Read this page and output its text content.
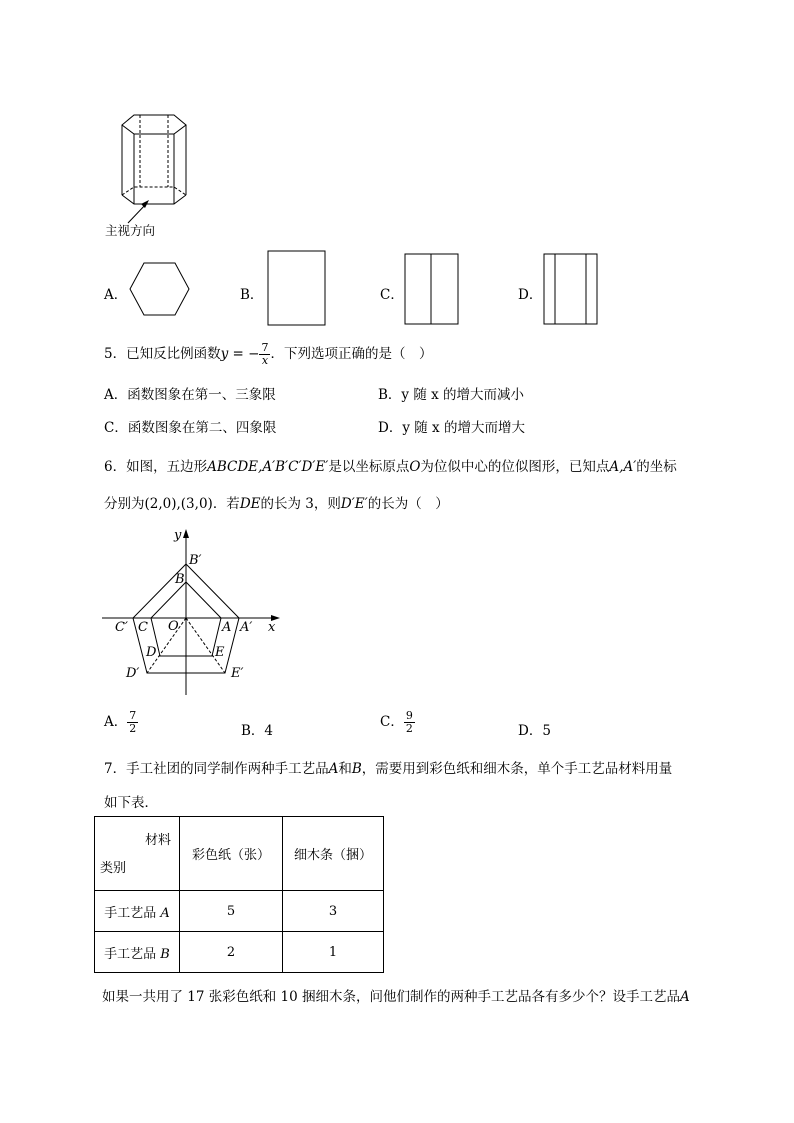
主视方向
A．	B．	C．	D．
5．已知反比例函数y = − $\frac{7}{x}$ ．下列选项正确的是（　）
A．函数图象在第一、三象限	B．y 随 x 的增大而减小
C．函数图象在第二、四象限	D．y 随 x 的增大而增大
6．如图，五边形ABCDE,A′B′C′D′E′是以坐标原点O为位似中心的位似图形，已知点A,A′的坐标
分别为(2,0),(3,0)．若DE的长为 3，则D′E′的长为（　）
y
x
B′
B
C′ C O	A A′
D	E
D′	E′
A． $\frac{7}{2}$	B．4
C． $\frac{9}{2}$	D．5
7．手工社团的同学制作两种手工艺品A和B，需要用到彩色纸和细木条，单个手工艺品材料用量
如下表．
材料
类别	彩色纸（张）	细木条（捆）
手工艺品 A	5	3
手工艺品 B	2	1
如果一共用了 17 张彩色纸和 10 捆细木条，问他们制作的两种手工艺品各有多少个？设手工艺品A
